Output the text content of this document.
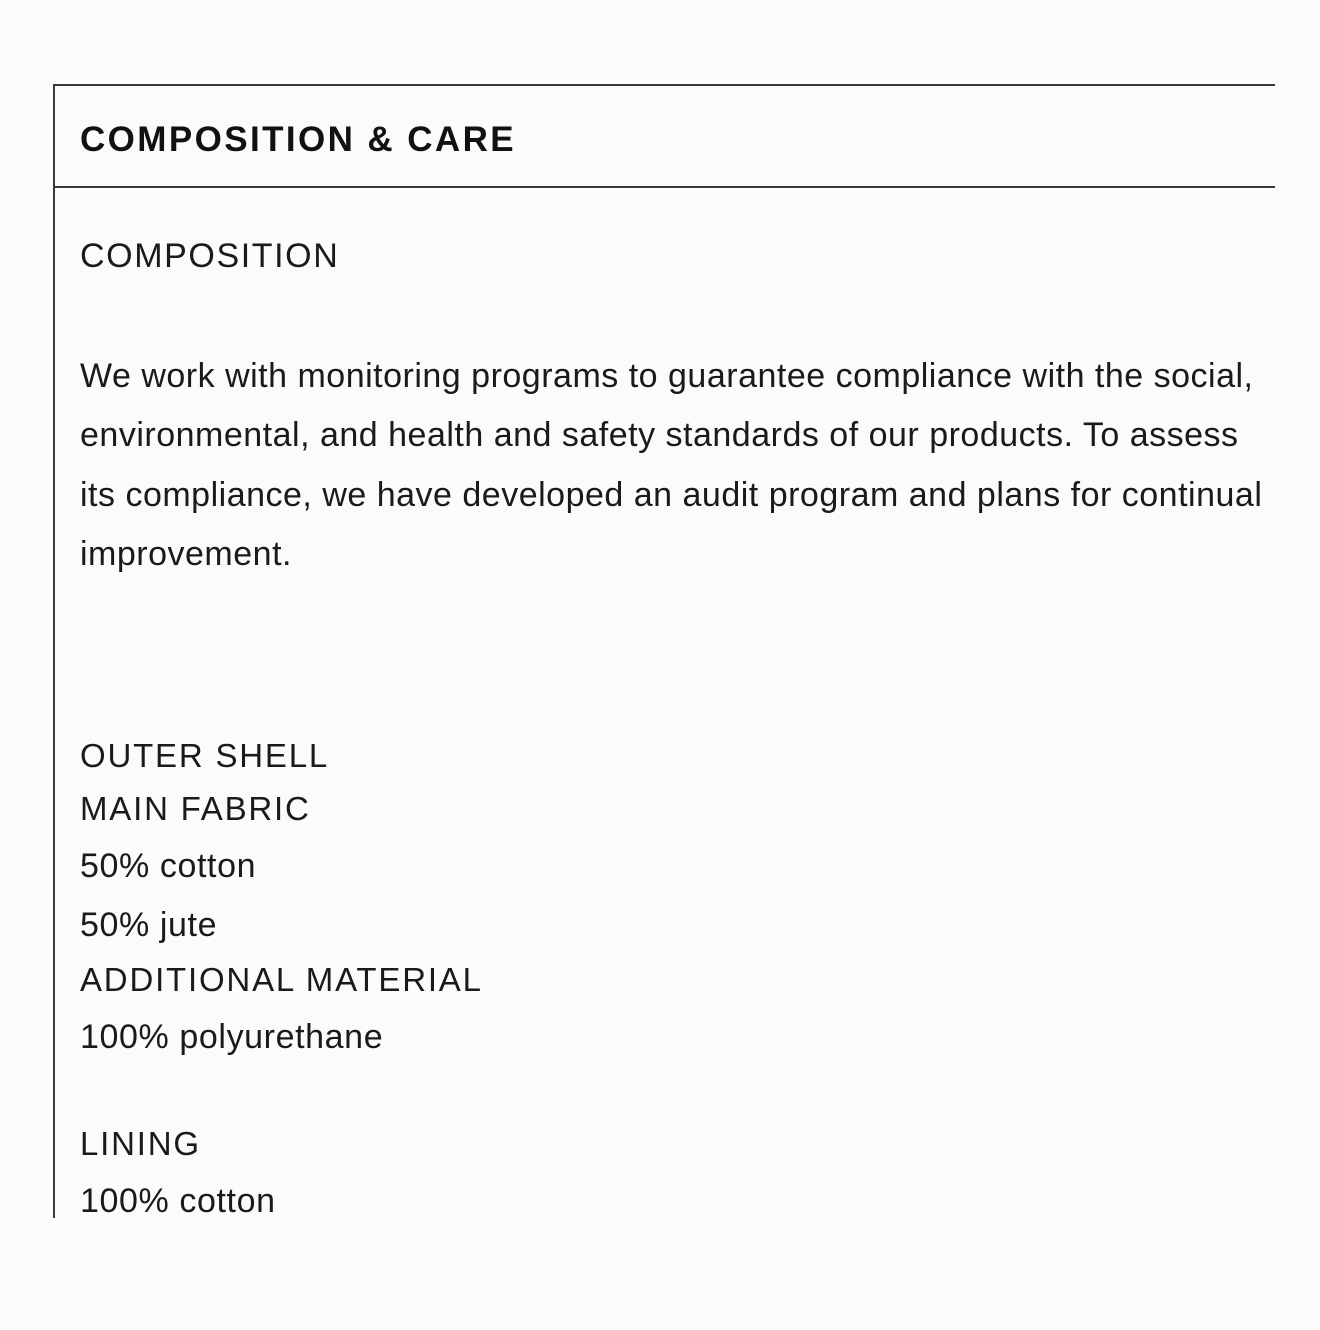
COMPOSITION & CARE
COMPOSITION

We work with monitoring programs to guarantee compliance with the social, environmental, and health and safety standards of our products. To assess its compliance, we have developed an audit program and plans for continual improvement.

OUTER SHELL

MAIN FABRIC

50% cotton

50% jute

ADDITIONAL MATERIAL

100% polyurethane

LINING

100% cotton
